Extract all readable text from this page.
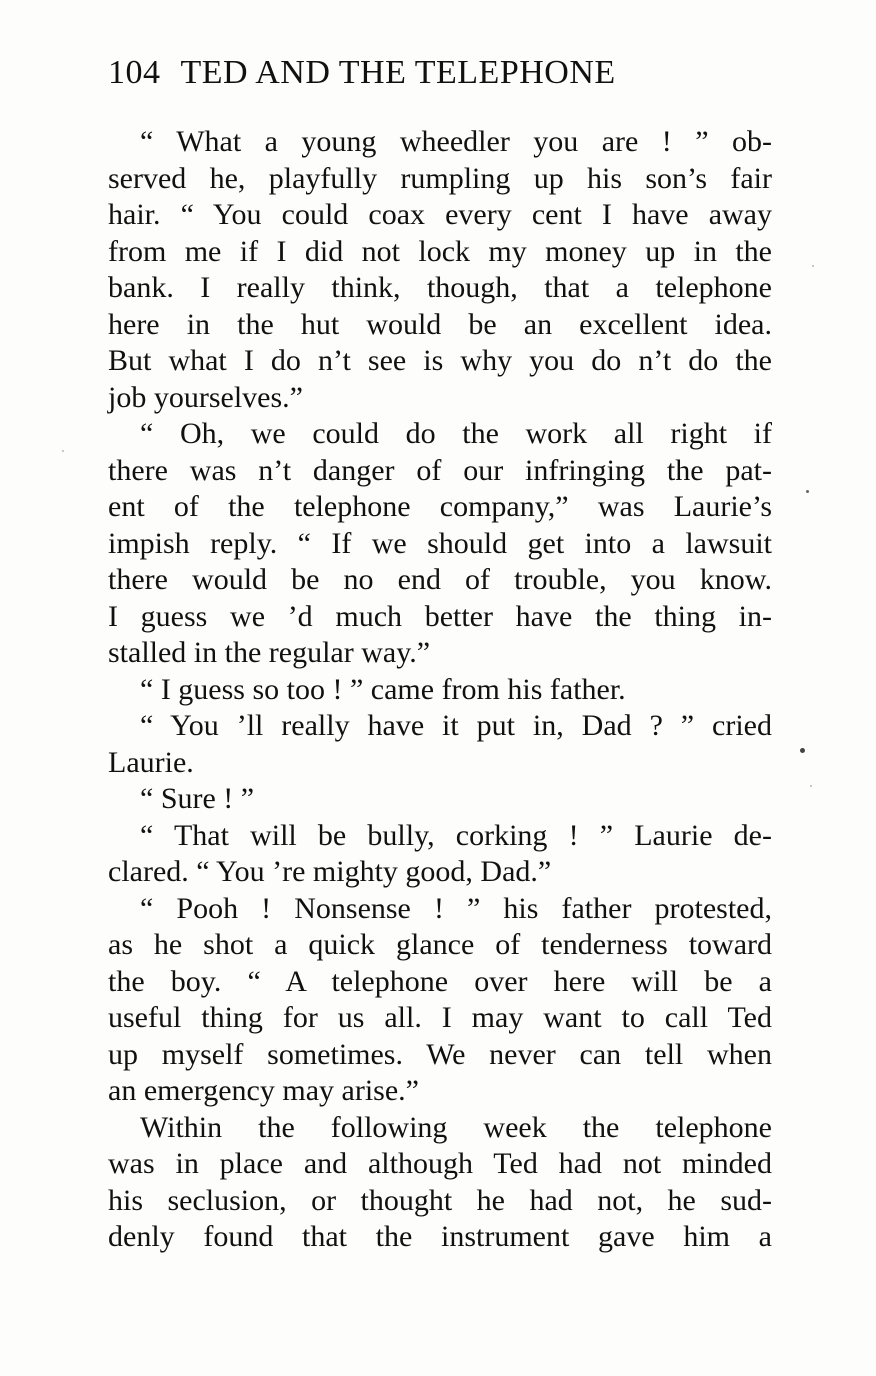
104 TED AND THE TELEPHONE
“ What a young wheedler you are ! ” ob-
served he, playfully rumpling up his son’s fair
hair. “ You could coax every cent I have away
from me if I did not lock my money up in the
bank. I really think, though, that a telephone
here in the hut would be an excellent idea.
But what I do n’t see is why you do n’t do the
job yourselves.”
“ Oh, we could do the work all right if
there was n’t danger of our infringing the pat-
ent of the telephone company,” was Laurie’s
impish reply. “ If we should get into a lawsuit
there would be no end of trouble, you know.
I guess we ’d much better have the thing in-
stalled in the regular way.”
“ I guess so too ! ” came from his father.
“ You ’ll really have it put in, Dad ? ” cried
Laurie.
“ Sure ! ”
“ That will be bully, corking ! ” Laurie de-
clared. “ You ’re mighty good, Dad.”
“ Pooh ! Nonsense ! ” his father protested,
as he shot a quick glance of tenderness toward
the boy. “ A telephone over here will be a
useful thing for us all. I may want to call Ted
up myself sometimes. We never can tell when
an emergency may arise.”
Within the following week the telephone
was in place and although Ted had not minded
his seclusion, or thought he had not, he sud-
denly found that the instrument gave him a
